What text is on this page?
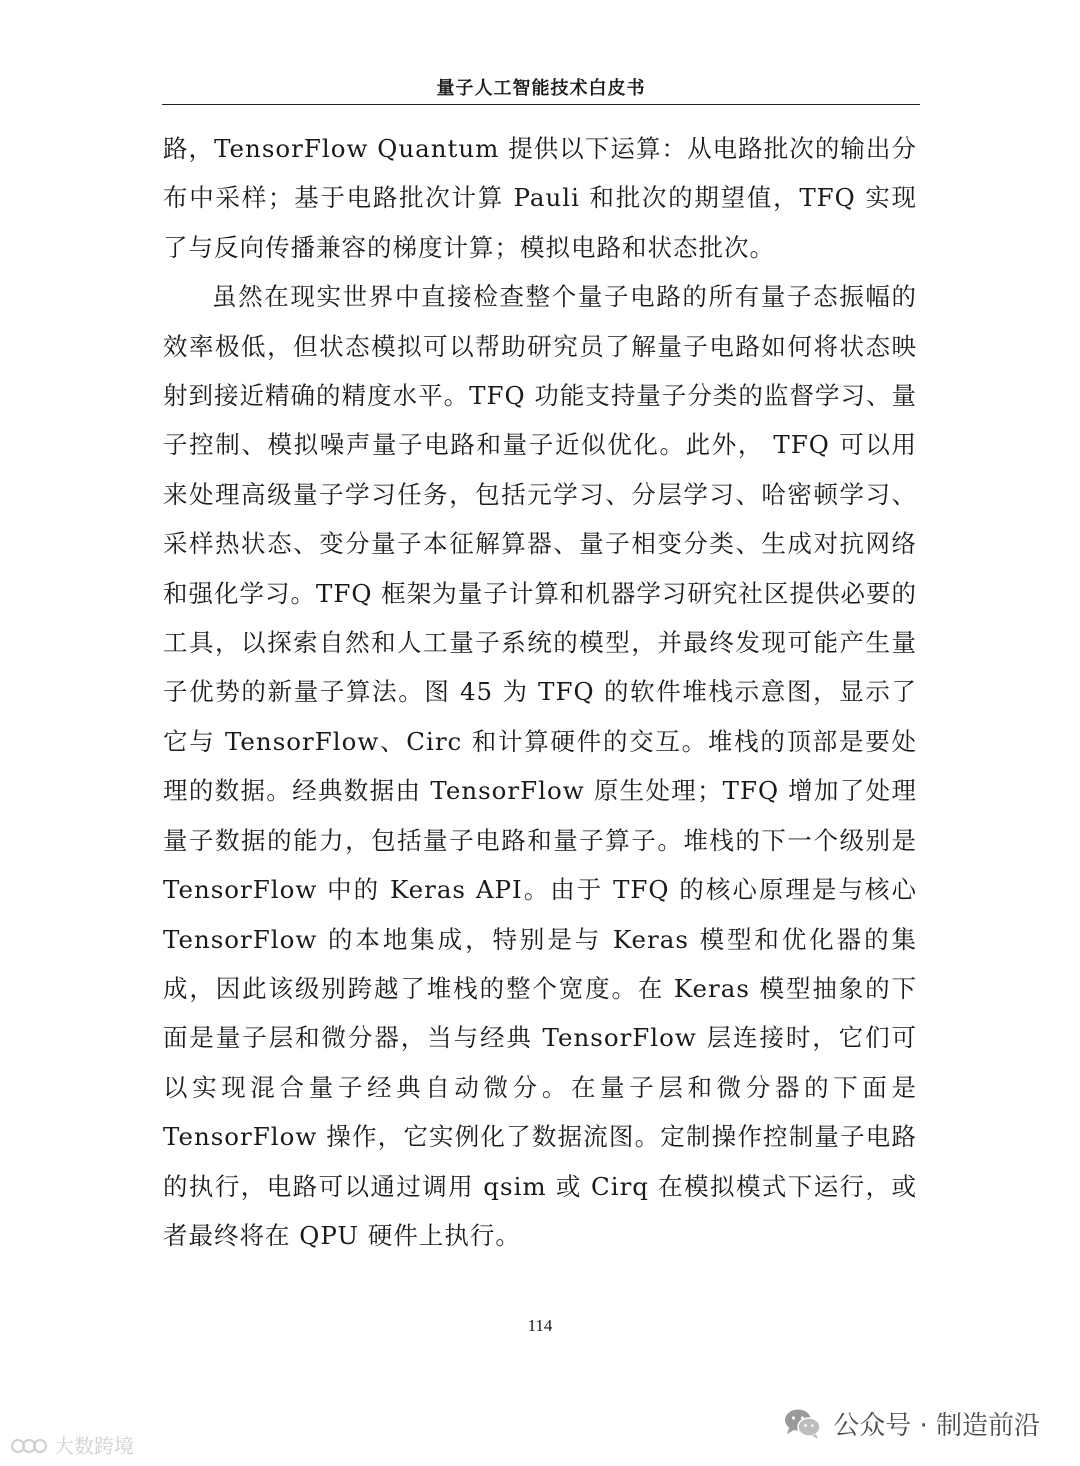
量子人工智能技术白皮书

路，TensorFlow Quantum 提供以下运算：从电路批次的输出分布中采样；基于电路批次计算 Pauli 和批次的期望值，TFQ 实现了与反向传播兼容的梯度计算；模拟电路和状态批次。

虽然在现实世界中直接检查整个量子电路的所有量子态振幅的效率极低，但状态模拟可以帮助研究员了解量子电路如何将状态映射到接近精确的精度水平。TFQ 功能支持量子分类的监督学习、量子控制、模拟噪声量子电路和量子近似优化。此外， TFQ 可以用来处理高级量子学习任务，包括元学习、分层学习、哈密顿学习、采样热状态、变分量子本征解算器、量子相变分类、生成对抗网络和强化学习。TFQ 框架为量子计算和机器学习研究社区提供必要的工具，以探索自然和人工量子系统的模型，并最终发现可能产生量子优势的新量子算法。图 45 为 TFQ 的软件堆栈示意图，显示了它与 TensorFlow、Circ 和计算硬件的交互。堆栈的顶部是要处理的数据。经典数据由 TensorFlow 原生处理；TFQ 增加了处理量子数据的能力，包括量子电路和量子算子。堆栈的下一个级别是 TensorFlow 中的 Keras API。由于 TFQ 的核心原理是与核心 TensorFlow 的本地集成，特别是与 Keras 模型和优化器的集成，因此该级别跨越了堆栈的整个宽度。在 Keras 模型抽象的下面是量子层和微分器，当与经典 TensorFlow 层连接时，它们可以实现混合量子经典自动微分。在量子层和微分器的下面是 TensorFlow 操作，它实例化了数据流图。定制操作控制量子电路的执行，电路可以通过调用 qsim 或 Cirq 在模拟模式下运行，或者最终将在 QPU 硬件上执行。

114
大数跨境
公众号 · 制造前沿
